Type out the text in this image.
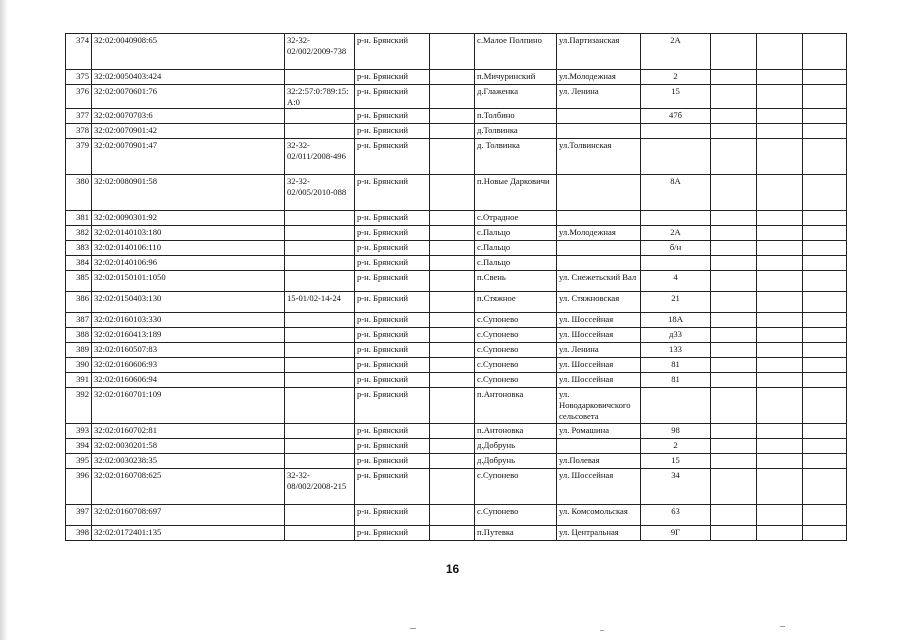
374	32:02:0040908:65	32-32-02/002/2009-738	р-н. Брянский		с.Малое Полпино	ул.Партизанская	2А			
375	32:02:0050403:424		р-н. Брянский		п.Мичуринский	ул.Молодежная	2			
376	32:02:0070601:76	32:2:57:0:789:15:А:0	р-н. Брянский		д.Глаженка	ул. Ленина	15			
377	32:02:0070703:6		р-н. Брянский		п.Толбино		47б			
378	32:02:0070901:42		р-н. Брянский		д.Толвинка					
379	32:02:0070901:47	32-32-02/011/2008-496	р-н. Брянский		д. Толвинка	ул.Толвинская				
380	32:02:0080901:58	32-32-02/005/2010-088	р-н. Брянский		п.Новые Дарковичи		8А			
381	32:02:0090301:92		р-н. Брянский		с.Отрадное					
382	32:02:0140103:180		р-н. Брянский		с.Пальцо	ул.Молодежная	2А			
383	32:02:0140106:110		р-н. Брянский		с.Пальцо		б/н			
384	32:02:0140106:96		р-н. Брянский		с.Пальцо					
385	32:02:0150101:1050		р-н. Брянский		п.Свень	ул. Снежетьский Вал	4			
386	32:02:0150403:130	15-01/02-14-24	р-н. Брянский		п.Стяжное	ул. Стяжновская	21			
387	32:02:0160103:330		р-н. Брянский		с.Супонево	ул. Шоссейная	18А			
388	32:02:0160413:189		р-н. Брянский		с.Супонево	ул. Шоссейная	д33			
389	32:02:0160507:83		р-н. Брянский		с.Супонево	ул. Ленина	133			
390	32:02:0160606:93		р-н. Брянский		с.Супонево	ул. Шоссейная	81			
391	32:02:0160606:94		р-н. Брянский		с.Супонево	ул. Шоссейная	81			
392	32:02:0160701:109		р-н. Брянский		п.Антоновка	ул. Новодарковичского сельсовета				
393	32:02:0160702:81		р-н. Брянский		п.Антоновка	ул. Ромашина	98			
394	32:02:0030201:58		р-н. Брянский		д.Добрунь		2			
395	32:02:0030238:35		р-н. Брянский		д.Добрунь	ул.Полевая	15			
396	32:02:0160708:625	32-32-08/002/2008-215	р-н. Брянский		с.Супонево	ул. Шоссейная	34			
397	32:02:0160708:697		р-н. Брянский		с.Супонево	ул. Комсомольская	63			
398	32:02:0172401:135		р-н. Брянский		п.Путевка	ул. Центральная	9Г			
16
